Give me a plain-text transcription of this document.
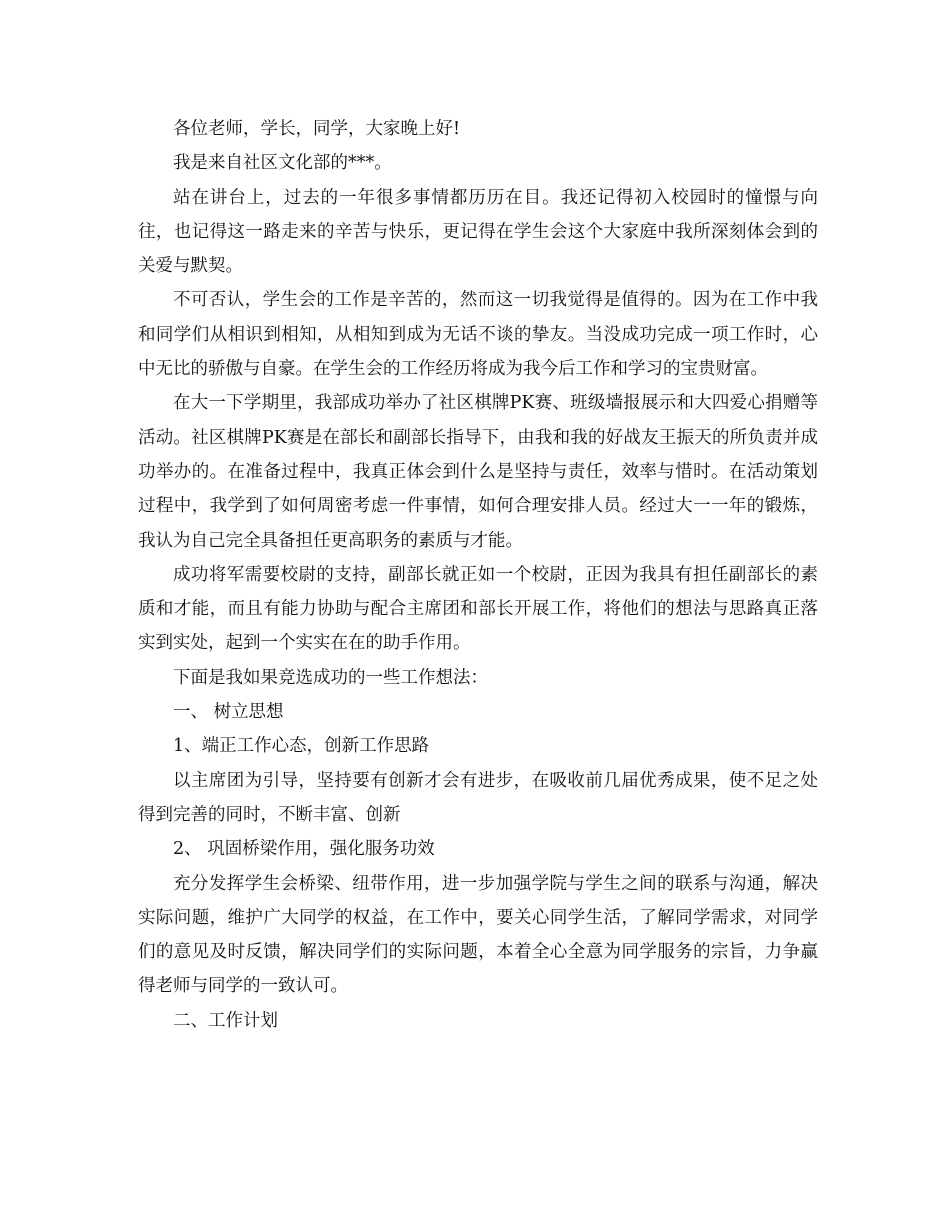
各位老师，学长，同学，大家晚上好!

我是来自社区文化部的***。

站在讲台上，过去的一年很多事情都历历在目。我还记得初入校园时的憧憬与向往，也记得这一路走来的辛苦与快乐，更记得在学生会这个大家庭中我所深刻体会到的关爱与默契。

不可否认，学生会的工作是辛苦的，然而这一切我觉得是值得的。因为在工作中我和同学们从相识到相知，从相知到成为无话不谈的挚友。当没成功完成一项工作时，心中无比的骄傲与自豪。在学生会的工作经历将成为我今后工作和学习的宝贵财富。

在大一下学期里，我部成功举办了社区棋牌PK赛、班级墙报展示和大四爱心捐赠等活动。社区棋牌PK赛是在部长和副部长指导下，由我和我的好战友王振天的所负责并成功举办的。在准备过程中，我真正体会到什么是坚持与责任，效率与惜时。在活动策划过程中，我学到了如何周密考虑一件事情，如何合理安排人员。经过大一一年的锻炼，我认为自己完全具备担任更高职务的素质与才能。

成功将军需要校尉的支持，副部长就正如一个校尉，正因为我具有担任副部长的素质和才能，而且有能力协助与配合主席团和部长开展工作，将他们的想法与思路真正落实到实处，起到一个实实在在的助手作用。

下面是我如果竞选成功的一些工作想法：

一、 树立思想

1、端正工作心态，创新工作思路

以主席团为引导，坚持要有创新才会有进步，在吸收前几届优秀成果，使不足之处得到完善的同时，不断丰富、创新

2、 巩固桥梁作用，强化服务功效

充分发挥学生会桥梁、纽带作用，进一步加强学院与学生之间的联系与沟通，解决实际问题，维护广大同学的权益，在工作中，要关心同学生活，了解同学需求，对同学们的意见及时反馈，解决同学们的实际问题，本着全心全意为同学服务的宗旨，力争赢得老师与同学的一致认可。

二、工作计划
